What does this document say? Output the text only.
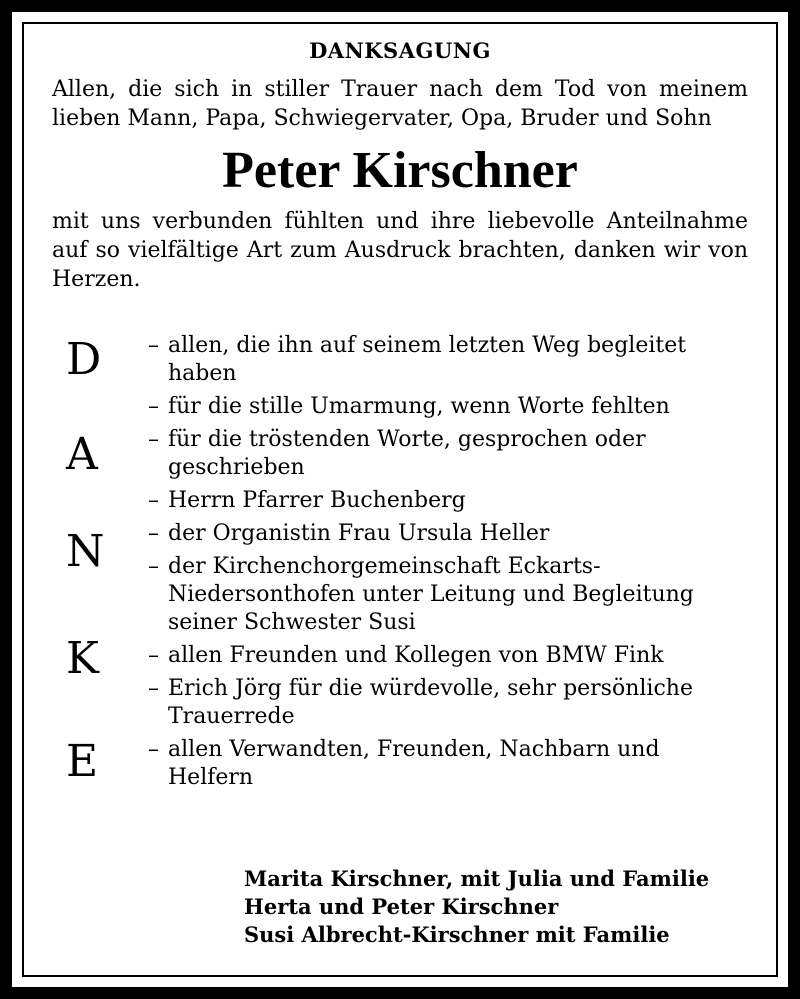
DANKSAGUNG

Allen, die sich in stiller Trauer nach dem Tod von meinem lieben Mann, Papa, Schwiegervater, Opa, Bruder und Sohn

Peter Kirschner

mit uns verbunden fühlten und ihre liebevolle Anteilnahme auf so vielfältige Art zum Ausdruck brachten, danken wir von Herzen.

D
A
N
K
E
– allen, die ihn auf seinem letzten Weg begleitet haben
– für die stille Umarmung, wenn Worte fehlten
– für die tröstenden Worte, gesprochen oder geschrieben
– Herrn Pfarrer Buchenberg
– der Organistin Frau Ursula Heller
– der Kirchenchorgemeinschaft Eckarts-Niedersonthofen unter Leitung und Begleitung seiner Schwester Susi
– allen Freunden und Kollegen von BMW Fink
– Erich Jörg für die würdevolle, sehr persönliche Trauerrede
– allen Verwandten, Freunden, Nachbarn und Helfern
Marita Kirschner, mit Julia und Familie
Herta und Peter Kirschner
Susi Albrecht-Kirschner mit Familie
